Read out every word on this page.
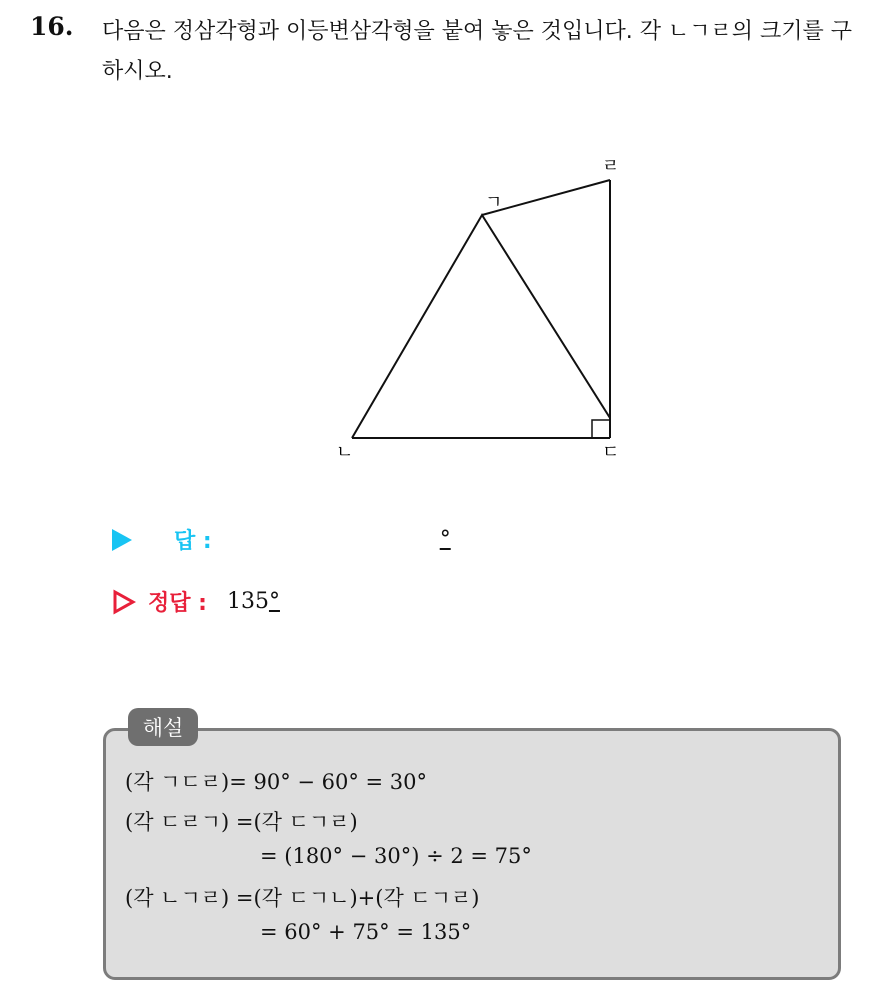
16. 다음은 정삼각형과 이등변삼각형을 붙여 놓은 것입니다. 각 ㄴㄱㄹ의 크기를 구하시오.
ㄱ
ㄴ	ㄷ
ㄹ
답 :	°
정답 : 135 °
해설
(각 ㄱㄷㄹ)= 90° − 60° = 30°
(각 ㄷㄹㄱ) =(각 ㄷㄱㄹ)
= (180° − 30°) ÷ 2 = 75°
(각 ㄴㄱㄹ) =(각 ㄷㄱㄴ)+(각 ㄷㄱㄹ)
= 60° + 75° = 135°
